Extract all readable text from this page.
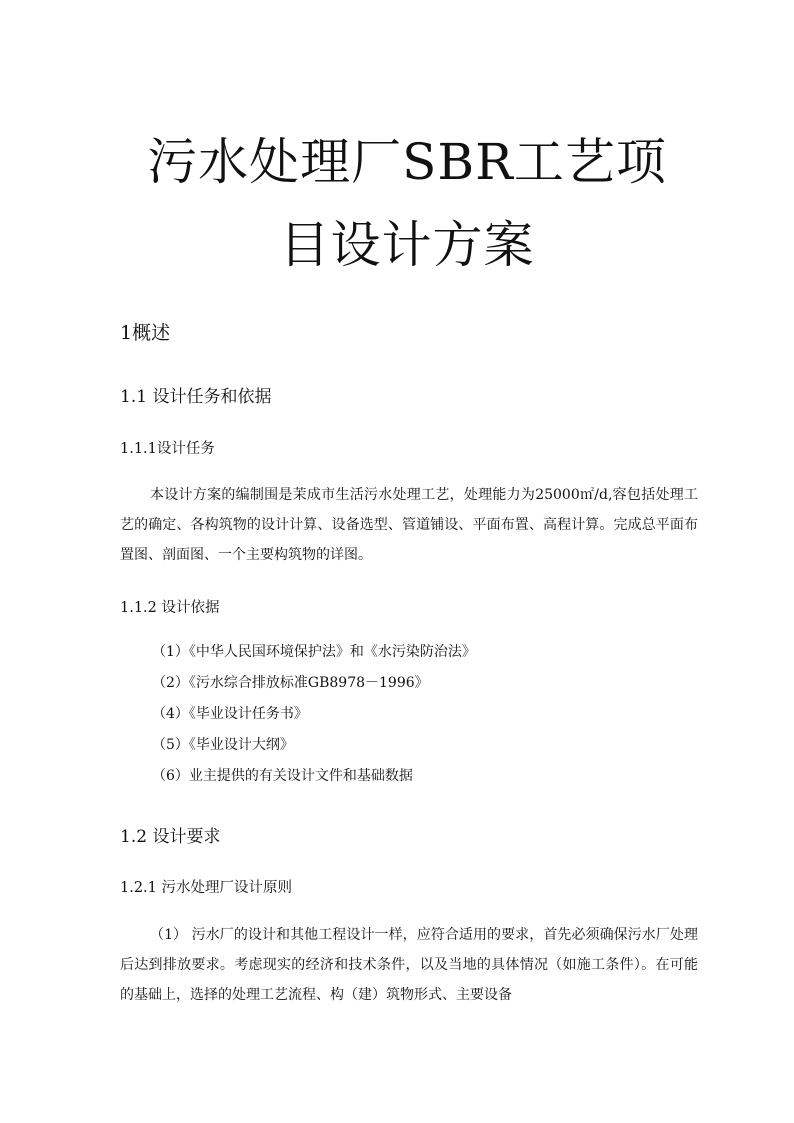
污水处理厂SBR工艺项
目设计方案
1概述
1.1 设计任务和依据
1.1.1设计任务
本设计方案的编制围是茉成市生活污水处理工艺，处理能力为25000㎡/d,容包括处理工艺的确定、各构筑物的设计计算、设备选型、管道铺设、平面布置、高程计算。完成总平面布置图、剖面图、一个主要构筑物的详图。
1.1.2 设计依据
（1）《中华人民国环境保护法》和《水污染防治法》
（2）《污水综合排放标准GB8978－1996》
（4）《毕业设计任务书》
（5）《毕业设计大纲》
（6）业主提供的有关设计文件和基础数据
1.2 设计要求
1.2.1 污水处理厂设计原则
（1） 污水厂的设计和其他工程设计一样，应符合适用的要求，首先必须确保污水厂处理后达到排放要求。考虑现实的经济和技术条件，以及当地的具体情况（如施工条件）。在可能的基础上，选择的处理工艺流程、构（建）筑物形式、主要设备
